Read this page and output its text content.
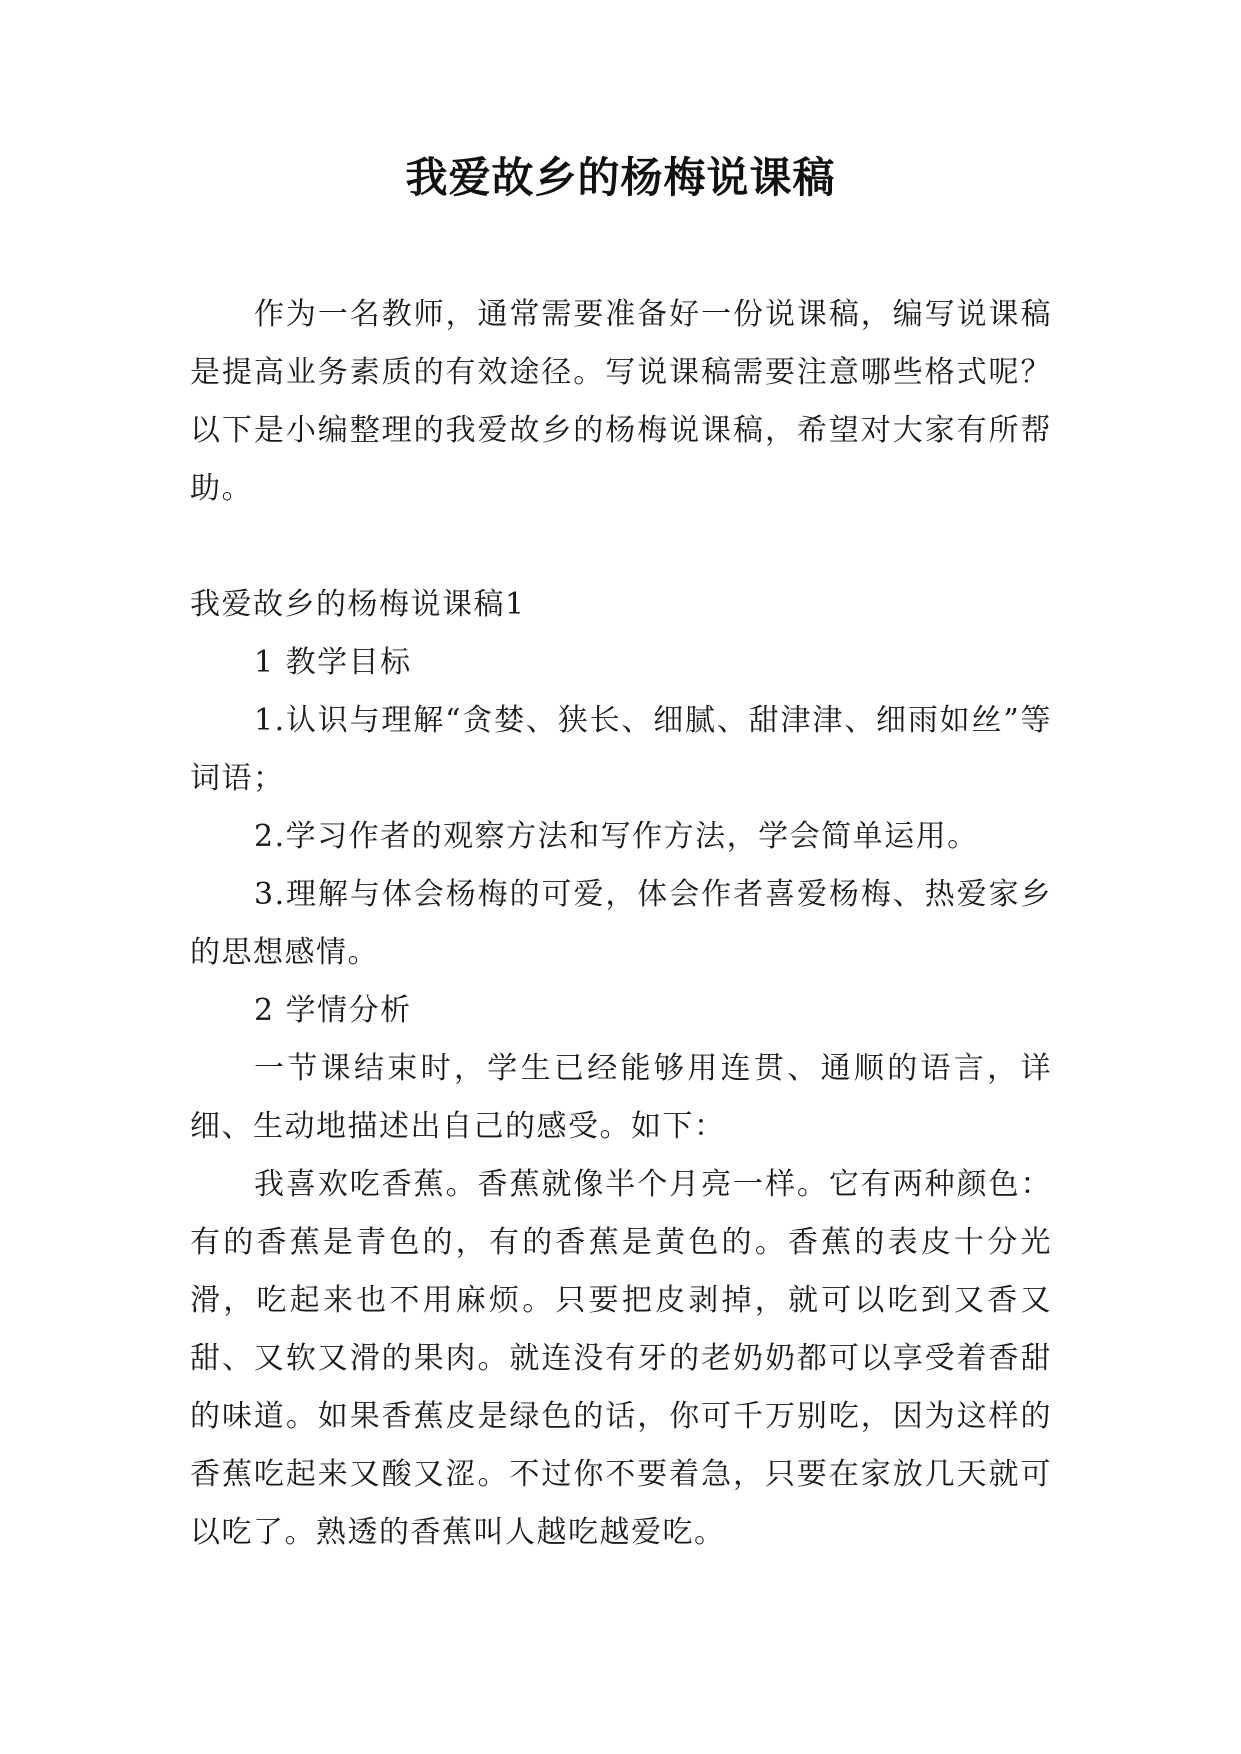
我爱故乡的杨梅说课稿

作为一名教师，通常需要准备好一份说课稿，编写说课稿是提高业务素质的有效途径。写说课稿需要注意哪些格式呢？以下是小编整理的我爱故乡的杨梅说课稿，希望对大家有所帮助。

我爱故乡的杨梅说课稿1

1 教学目标

1.认识与理解“贪婪、狭长、细腻、甜津津、细雨如丝”等词语；

2.学习作者的观察方法和写作方法，学会简单运用。

3.理解与体会杨梅的可爱，体会作者喜爱杨梅、热爱家乡的思想感情。

2 学情分析

一节课结束时，学生已经能够用连贯、通顺的语言，详细、生动地描述出自己的感受。如下：

我喜欢吃香蕉。香蕉就像半个月亮一样。它有两种颜色：有的香蕉是青色的，有的香蕉是黄色的。香蕉的表皮十分光滑，吃起来也不用麻烦。只要把皮剥掉，就可以吃到又香又甜、又软又滑的果肉。就连没有牙的老奶奶都可以享受着香甜的味道。如果香蕉皮是绿色的话，你可千万别吃，因为这样的香蕉吃起来又酸又涩。不过你不要着急，只要在家放几天就可以吃了。熟透的香蕉叫人越吃越爱吃。
